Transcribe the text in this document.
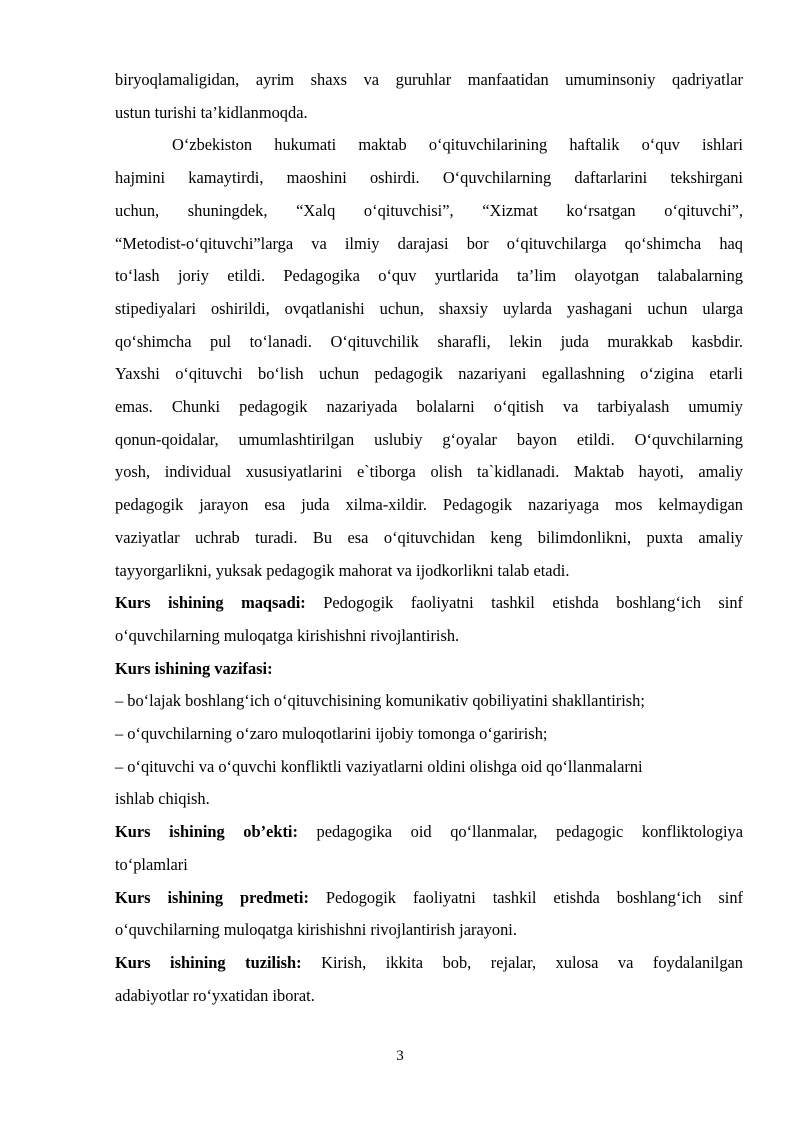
biryoqlamaligidan, ayrim shaxs va guruhlar manfaatidan umuminsoniy qadriyatlar

ustun turishi ta’kidlanmoqda.

O‘zbekiston hukumati maktab o‘qituvchilarining haftalik o‘quv ishlari

hajmini kamaytirdi, maoshini oshirdi. O‘quvchilarning daftarlarini tekshirgani

uchun, shuningdek, “Xalq o‘qituvchisi”, “Xizmat ko‘rsatgan o‘qituvchi”,

“Metodist-o‘qituvchi”larga va ilmiy darajasi bor o‘qituvchilarga qo‘shimcha haq

to‘lash joriy etildi. Pedagogika o‘quv yurtlarida ta’lim olayotgan talabalarning

stipediyalari oshirildi, ovqatlanishi uchun, shaxsiy uylarda yashagani uchun ularga

qo‘shimcha pul to‘lanadi. O‘qituvchilik sharafli, lekin juda murakkab kasbdir.

Yaxshi o‘qituvchi bo‘lish uchun pedagogik nazariyani egallashning o‘zigina etarli

emas. Chunki pedagogik nazariyada bolalarni o‘qitish va tarbiyalash umumiy

qonun-qoidalar, umumlashtirilgan uslubiy g‘oyalar bayon etildi. O‘quvchilarning

yosh, individual xususiyatlarini e`tiborga olish ta`kidlanadi. Maktab hayoti, amaliy

pedagogik jarayon esa juda xilma-xildir. Pedagogik nazariyaga mos kelmaydigan

vaziyatlar uchrab turadi. Bu esa o‘qituvchidan keng bilimdonlikni, puxta amaliy

tayyorgarlikni, yuksak pedagogik mahorat va ijodkorlikni talab etadi.

Kurs ishining maqsadi: Pedogogik faoliyatni tashkil etishda boshlang‘ich sinf

o‘quvchilarning muloqatga kirishishni rivojlantirish.

Kurs ishining vazifasi:

– bo‘lajak boshlang‘ich o‘qituvchisining komunikativ qobiliyatini shakllantirish;

– o‘quvchilarning o‘zaro muloqotlarini ijobiy tomonga o‘garirish;

– o‘qituvchi va o‘quvchi konfliktli vaziyatlarni oldini olishga oid qo‘llanmalarni

ishlab chiqish.

Kurs ishining ob’ekti: pedagogika oid qo‘llanmalar, pedagogic konfliktologiya

to‘plamlari

Kurs ishining predmeti: Pedogogik faoliyatni tashkil etishda boshlang‘ich sinf

o‘quvchilarning muloqatga kirishishni rivojlantirish jarayoni.

Kurs ishining tuzilish: Kirish, ikkita bob, rejalar, xulosa va foydalanilgan

adabiyotlar ro‘yxatidan iborat.

3
